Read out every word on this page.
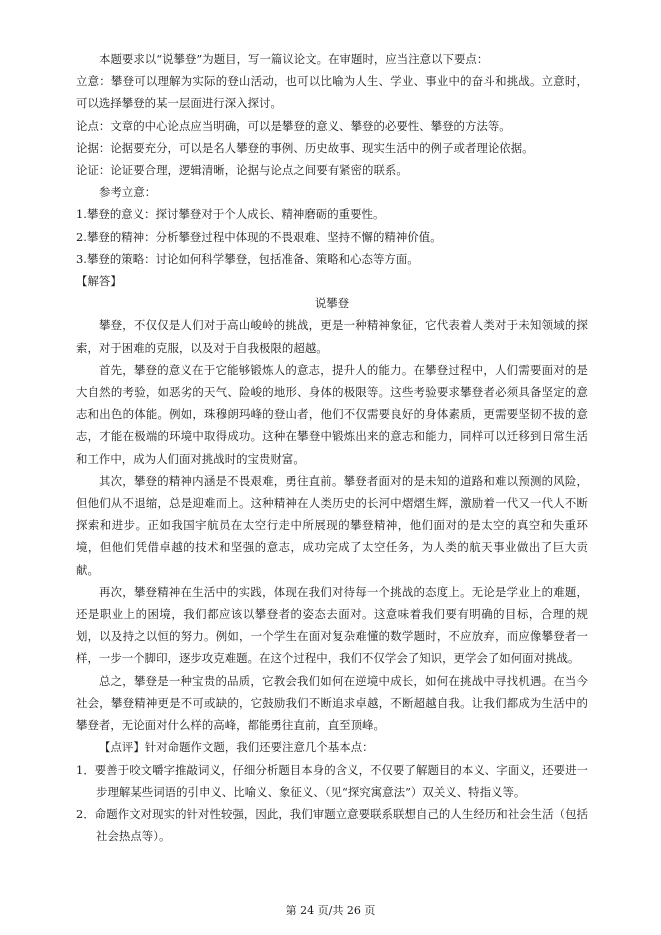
本题要求以“说攀登”为题目，写一篇议论文。在审题时，应当注意以下要点：

立意：攀登可以理解为实际的登山活动，也可以比喻为人生、学业、事业中的奋斗和挑战。立意时，可以选择攀登的某一层面进行深入探讨。

论点：文章的中心论点应当明确，可以是攀登的意义、攀登的必要性、攀登的方法等。

论据：论据要充分，可以是名人攀登的事例、历史故事、现实生活中的例子或者理论依据。

论证：论证要合理，逻辑清晰，论据与论点之间要有紧密的联系。

参考立意：

1.攀登的意义：探讨攀登对于个人成长、精神磨砺的重要性。

2.攀登的精神：分析攀登过程中体现的不畏艰难、坚持不懈的精神价值。

3.攀登的策略：讨论如何科学攀登，包括准备、策略和心态等方面。

【解答】

说攀登

攀登，不仅仅是人们对于高山峻岭的挑战，更是一种精神象征，它代表着人类对于未知领域的探索，对于困难的克服，以及对于自我极限的超越。

首先，攀登的意义在于它能够锻炼人的意志，提升人的能力。在攀登过程中，人们需要面对的是大自然的考验，如恶劣的天气、险峻的地形、身体的极限等。这些考验要求攀登者必须具备坚定的意志和出色的体能。例如，珠穆朗玛峰的登山者，他们不仅需要良好的身体素质，更需要坚韧不拔的意志，才能在极端的环境中取得成功。这种在攀登中锻炼出来的意志和能力，同样可以迁移到日常生活和工作中，成为人们面对挑战时的宝贵财富。

其次，攀登的精神内涵是不畏艰难，勇往直前。攀登者面对的是未知的道路和难以预测的风险，但他们从不退缩，总是迎难而上。这种精神在人类历史的长河中熠熠生辉，激励着一代又一代人不断探索和进步。正如我国宇航员在太空行走中所展现的攀登精神，他们面对的是太空的真空和失重环境，但他们凭借卓越的技术和坚强的意志，成功完成了太空任务，为人类的航天事业做出了巨大贡献。

再次，攀登精神在生活中的实践，体现在我们对待每一个挑战的态度上。无论是学业上的难题，还是职业上的困境，我们都应该以攀登者的姿态去面对。这意味着我们要有明确的目标，合理的规划，以及持之以恒的努力。例如，一个学生在面对复杂难懂的数学题时，不应放弃，而应像攀登者一样，一步一个脚印，逐步攻克难题。在这个过程中，我们不仅学会了知识，更学会了如何面对挑战。

总之，攀登是一种宝贵的品质，它教会我们如何在逆境中成长，如何在挑战中寻找机遇。在当今社会，攀登精神更是不可或缺的，它鼓励我们不断追求卓越，不断超越自我。让我们都成为生活中的攀登者，无论面对什么样的高峰，都能勇往直前，直至顶峰。

【点评】针对命题作文题，我们还要注意几个基本点：

1．要善于咬文嚼字推敲词义，仔细分析题目本身的含义，不仅要了解题目的本义、字面义，还要进一步理解某些词语的引申义、比喻义、象征义、（见“探究寓意法”）双关义、特指义等。

2．命题作文对现实的针对性较强，因此，我们审题立意要联系联想自己的人生经历和社会生活（包括社会热点等）。

第 24 页/共 26 页
